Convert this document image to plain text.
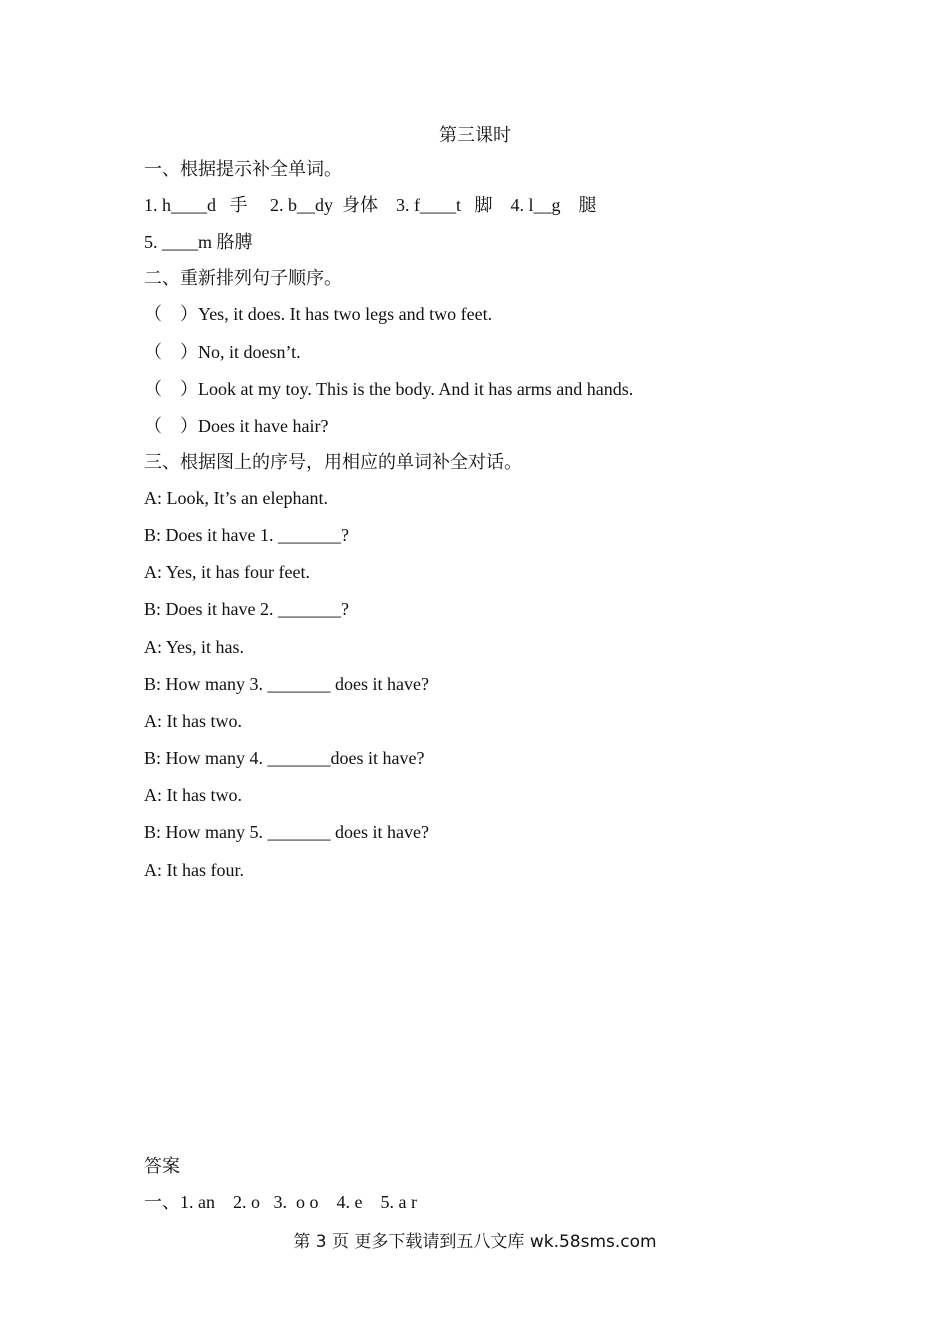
第三课时
一、根据提示补全单词。
1. h____d   手     2. b__dy  身体    3. f____t   脚    4. l__g    腿
5. ____m 胳膊
二、重新排列句子顺序。
（    ）Yes, it does. It has two legs and two feet.
（    ）No, it doesn’t.
（    ）Look at my toy. This is the body. And it has arms and hands.
（    ）Does it have hair?
三、根据图上的序号，用相应的单词补全对话。
A: Look, It’s an elephant.
B: Does it have 1. _______?
A: Yes, it has four feet.
B: Does it have 2. _______?
A: Yes, it has.
B: How many 3. _______ does it have?
A: It has two.
B: How many 4. _______does it have?
A: It has two.
B: How many 5. _______ does it have?
A: It has four.
答案
一、1. an    2. o   3.  o o    4. e    5. a r
第 3 页 更多下载请到五八文库 wk.58sms.com
